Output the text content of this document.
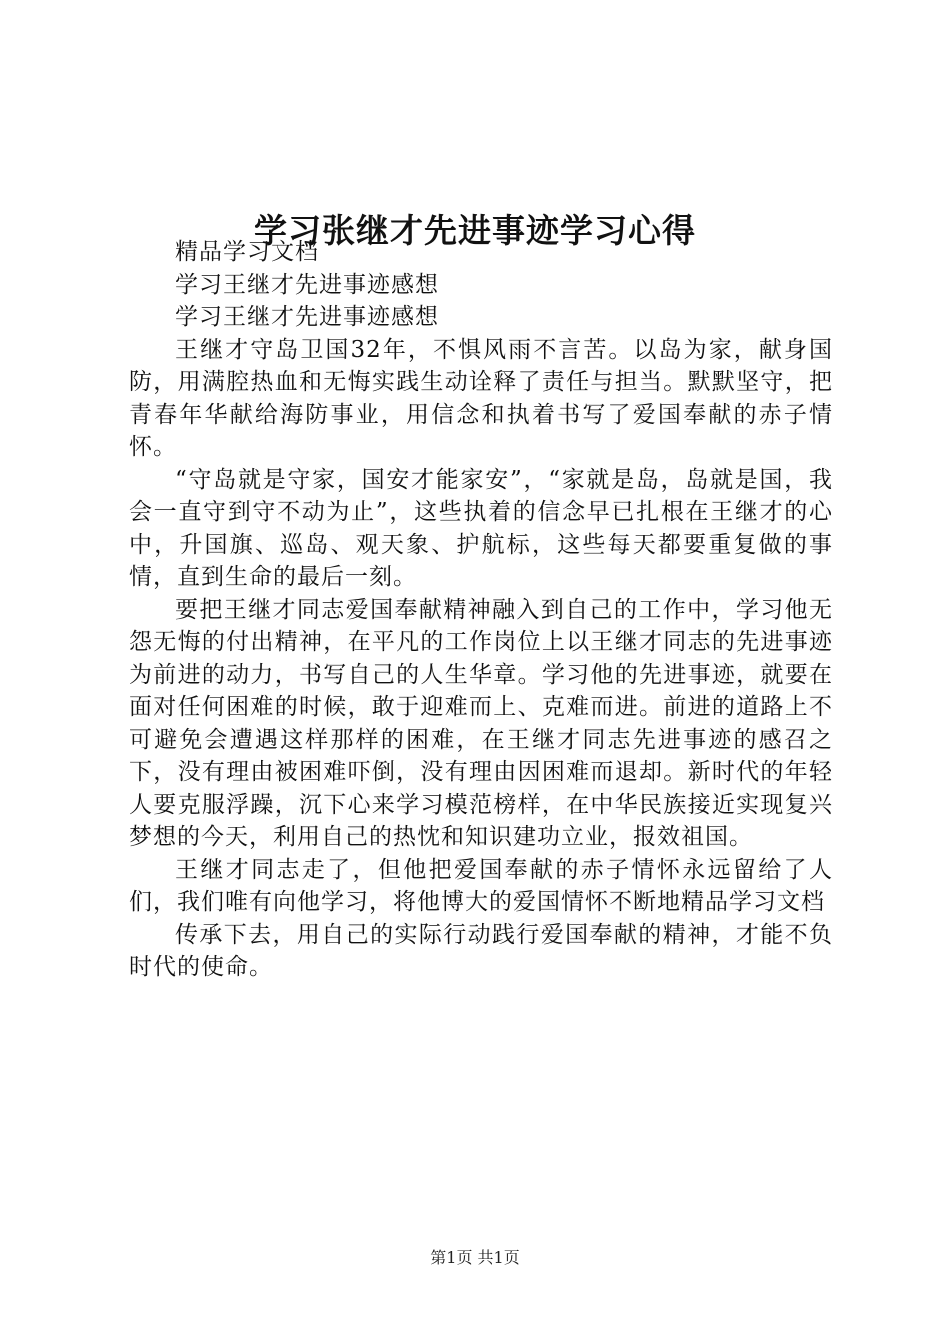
学习张继才先进事迹学习心得

精品学习文档

学习王继才先进事迹感想

学习王继才先进事迹感想

王继才守岛卫国32年，不惧风雨不言苦。以岛为家，献身国防，用满腔热血和无悔实践生动诠释了责任与担当。默默坚守，把青春年华献给海防事业，用信念和执着书写了爱国奉献的赤子情怀。

“守岛就是守家，国安才能家安”，“家就是岛，岛就是国，我会一直守到守不动为止”，这些执着的信念早已扎根在王继才的心中，升国旗、巡岛、观天象、护航标，这些每天都要重复做的事情，直到生命的最后一刻。

要把王继才同志爱国奉献精神融入到自己的工作中，学习他无怨无悔的付出精神，在平凡的工作岗位上以王继才同志的先进事迹为前进的动力，书写自己的人生华章。学习他的先进事迹，就要在面对任何困难的时候，敢于迎难而上、克难而进。前进的道路上不可避免会遭遇这样那样的困难，在王继才同志先进事迹的感召之下，没有理由被困难吓倒，没有理由因困难而退却。新时代的年轻人要克服浮躁，沉下心来学习模范榜样，在中华民族接近实现复兴梦想的今天，利用自己的热忱和知识建功立业，报效祖国。

王继才同志走了，但他把爱国奉献的赤子情怀永远留给了人们，我们唯有向他学习，将他博大的爱国情怀不断地精品学习文档

传承下去，用自己的实际行动践行爱国奉献的精神，才能不负时代的使命。

第1页 共1页
